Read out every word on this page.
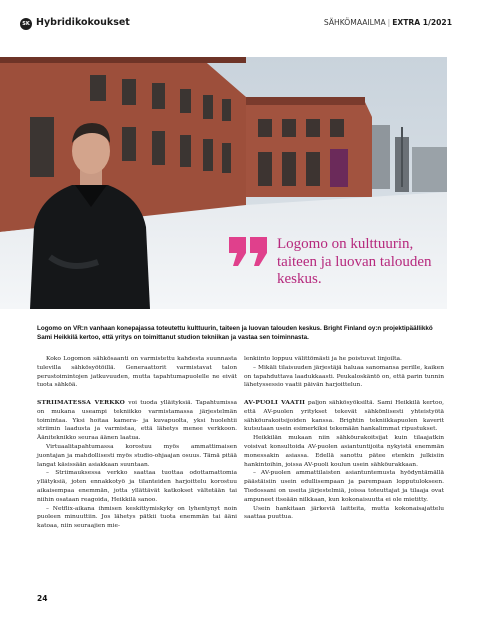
SK Hybridikokoukset	SÄHKÖMAAILMA | EXTRA 1/2021
Logomo on kulttuurin, taiteen ja luovan talouden keskus.
Logomo on VR:n vanhaan konepajassa toteutettu kulttuurin, taiteen ja luovan talouden keskus. Bright Finland oy:n projektipäällikkö Sami Heikkilä kertoo, että yritys on toimittanut studion tekniikan ja vastaa sen toiminnasta.

Koko Logomon sähkösaanti on varmistettu kahdesta suunnasta tulevilla sähkösyötöillä. Generaattorit varmistavat talon perustoimintojen jatkuvuuden, mutta tapahtumapuolelle ne eivät tuota sähköä.

STRIIMATESSA VERKKO voi tuoda ylläityksiä. Tapahtumissa on mukana useampi tekniikko varmistamassa järjestelmän toimintaa. Yksi hoitaa kamera- ja kuvapuolta, yksi huolehtii striimin laadusta ja varmistaa, että lähetys menee verkkoon. Ääniteknikko seuraa äänen laatua.

Virtuaalitapahtumassa korostuu myös ammattimaisen juontajan ja mahdollisesti myös studio-ohjaajan osuus. Tämä pitää langat käsissään asiakkaan suuntaan.

– Striimauksessa verkko saattaa tuottaa odottamattomia yllätyksiä, joten ennakkotyö ja tilanteiden harjoittelu korostuu aikaisempaa enemmän, jotta yllättävät katkokset vältetään tai niihin osataan reagoida, Heikkilä sanoo.

– Netflix-aikana ihmisen keskittymiskyky on lyhentynyt noin puoleen minuuttiin. Jos lähetys pätkii tuota enemmän tai ääni katoaa, niin seuraajien mie-

lenkiinto loppuu välittömästi ja he poistuvat linjoilta.

– Mikäli tilaisuuden järjestäjä haluaa sanomansa perille, kaiken on tapahduttava laadukkaasti. Peukaloskäntö on, että parin tunnin lähetyssessio vaatii päivän harjoittelun.

AV-PUOLI VAATII paljon sähkösyöksiltä. Sami Heikkilä kertoo, että AV-puolen yritykset tekevät sähkönlisesti yhteistyötä sähköurakoitsijoiden kanssa. Brightin tekniikkapuolen kaverit kutsutaan usein esimerkiksi tekemään hankalimmat ripustukset.

Heikkilän mukaan niin sähköurakoitsijat kuin tilaajatkin voisivat konsultoida AV-puolen asiantuntijoita nykyistä enemmän monessakin asiassa. Edellä sanottu pätee etenkin julkisiin hankintoihin, joissa AV-puoli koulun usein sähköurakkaan.

– AV-puolen ammattilaisten asiantuntemusta hyödyntämällä päästäisiin usein edullisempaan ja parempaan lopputulokseen. Tiedossani on useita järjestelmiä, joissa toteuttajat ja tilaaja ovat ampuneet itseään nilkkaan, kun kokonaisuutta ei ole mietitty.

Usein hankitaan järkeviä laitteita, mutta kokonaisajattelu saattaa puuttua.

24
